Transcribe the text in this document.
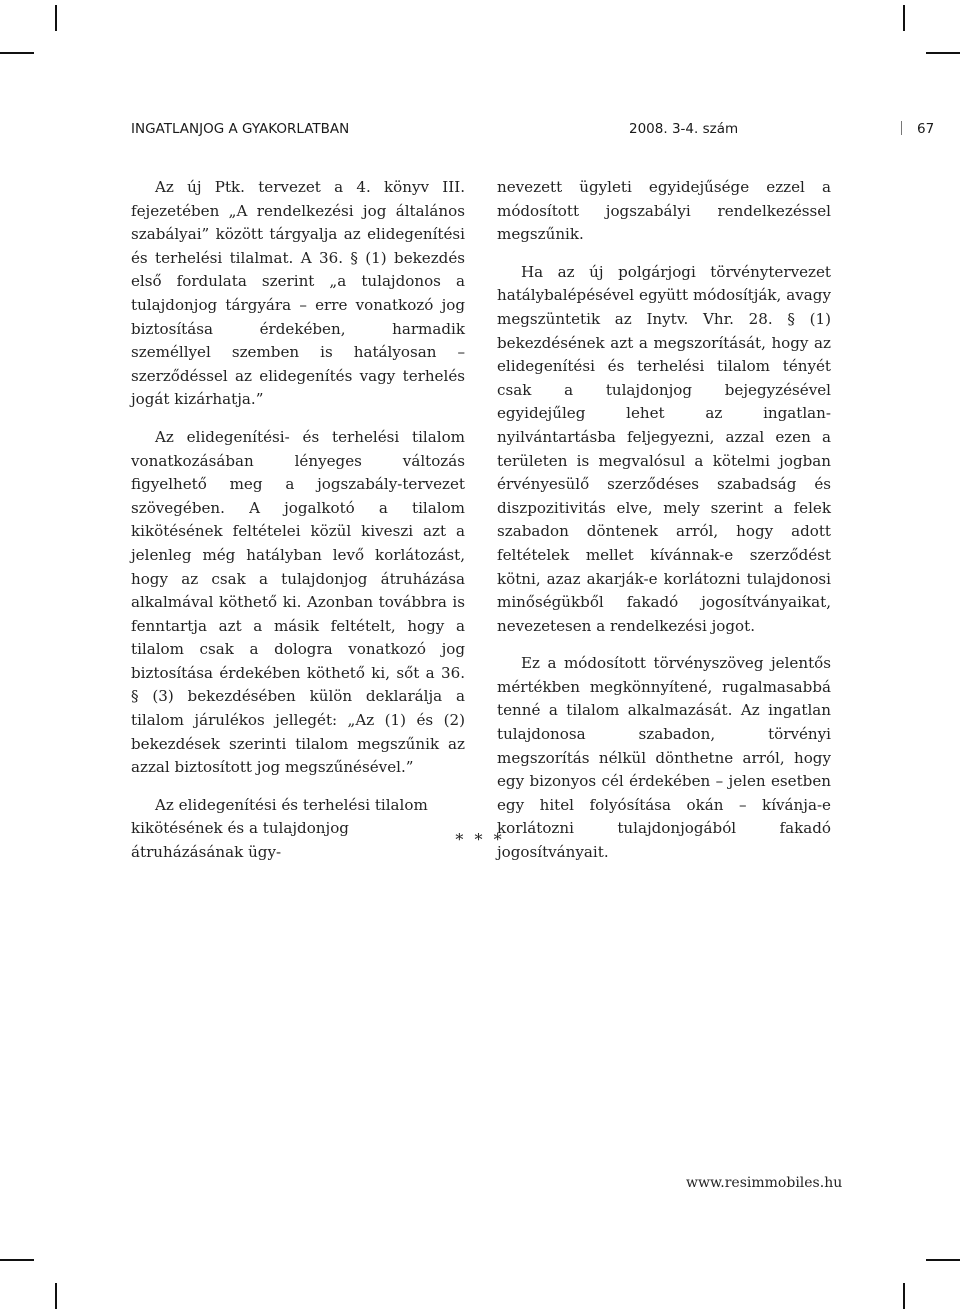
INGATLANJOG A GYAKORLATBAN	2008. 3-4. szám	67

Az új Ptk. tervezet a 4. könyv III. fejezetében „A rendelkezési jog általános szabályai” között tárgyalja az elidegenítési és terhelési tilalmat. A 36. § (1) bekezdés első fordulata szerint „a tulajdonos a tulajdonjog tárgyára – erre vonatkozó jog biztosítása érdekében, harmadik személlyel szemben is hatályosan – szerződéssel az elidegenítés vagy terhelés jogát kizárhatja.”

Az elidegenítési- és terhelési tilalom vonatkozásában lényeges változás figyelhető meg a jogszabály-tervezet szövegében. A jogalkotó a tilalom kikötésének feltételei közül kiveszi azt a jelenleg még hatályban levő korlátozást, hogy az csak a tulajdonjog átruházása alkalmával köthető ki. Azonban továbbra is fenntartja azt a másik feltételt, hogy a tilalom csak a dologra vonatkozó jog biztosítása érdekében köthető ki, sőt a 36. § (3) bekezdésében külön deklarálja a tilalom járulékos jellegét: „Az (1) és (2) bekezdések szerinti tilalom megszűnik az azzal biztosított jog megszűnésével.”

Az elidegenítési és terhelési tilalom kikötésének és a tulajdonjog átruházásának ügy-

nevezett ügyleti egyidejűsége ezzel a módosított jogszabályi rendelkezéssel megszűnik.

Ha az új polgárjogi törvénytervezet hatálybalépésével együtt módosítják, avagy megszüntetik az Inytv. Vhr. 28. § (1) bekezdésének azt a megszorítását, hogy az elidegenítési és terhelési tilalom tényét csak a tulajdonjog bejegyzésével egyidejűleg lehet az ingatlan-nyilvántartásba feljegyezni, azzal ezen a területen is megvalósul a kötelmi jogban érvényesülő szerződéses szabadság és diszpozitivitás elve, mely szerint a felek szabadon döntenek arról, hogy adott feltételek mellet kívánnak-e szerződést kötni, azaz akarják-e korlátozni tulajdonosi minőségükből fakadó jogosítványaikat, nevezetesen a rendelkezési jogot.

Ez a módosított törvényszöveg jelentős mértékben megkönnyítené, rugalmasabbá tenné a tilalom alkalmazását. Az ingatlan tulajdonosa szabadon, törvényi megszorítás nélkül dönthetne arról, hogy egy bizonyos cél érdekében – jelen esetben egy hitel folyósítása okán – kívánja-e korlátozni tulajdonjogából fakadó jogosítványait.

* * *
www.resimmobiles.hu
